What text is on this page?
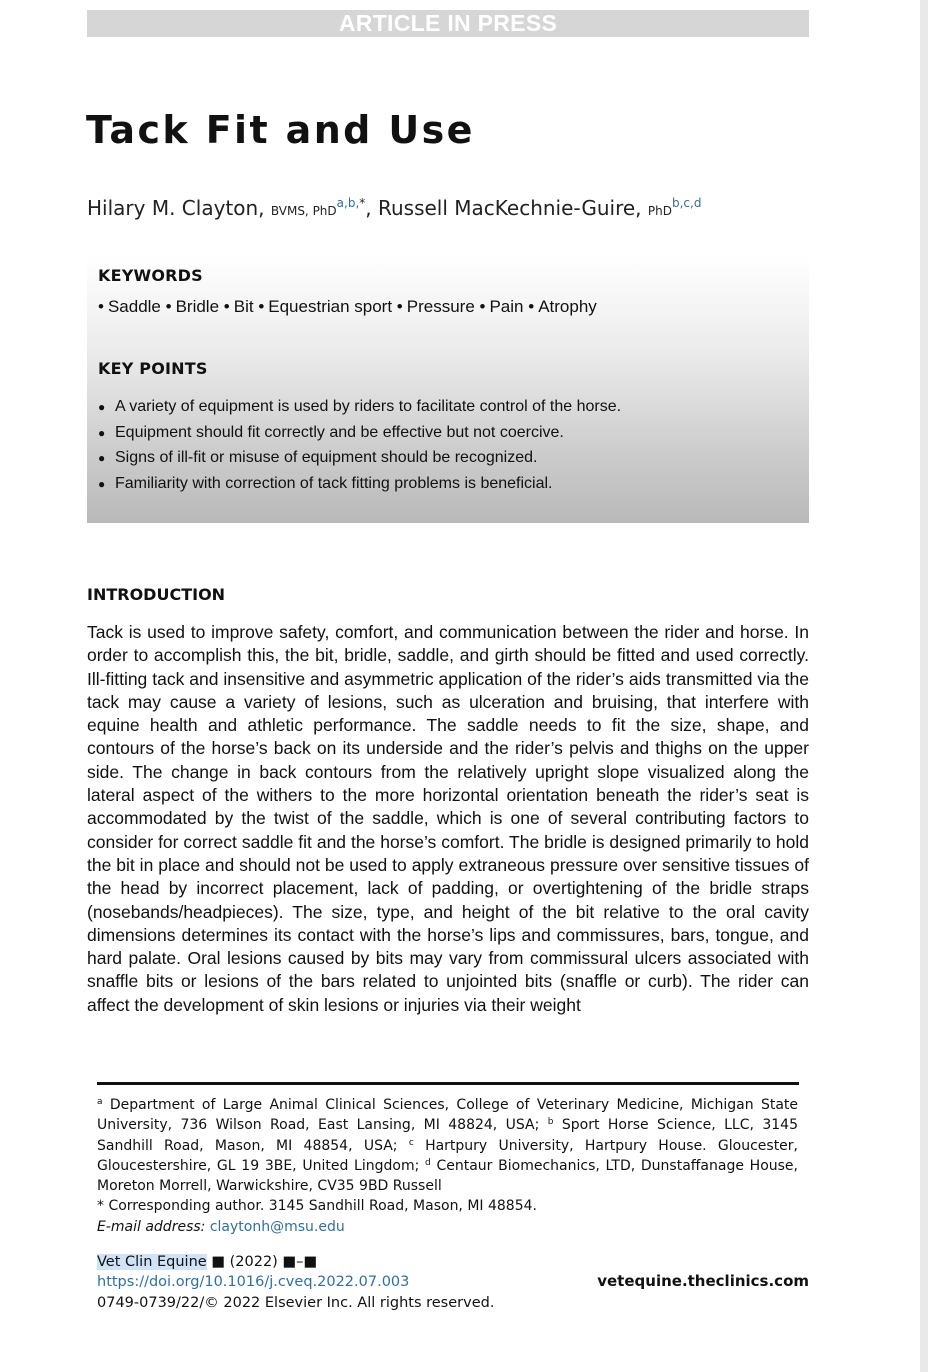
ARTICLE IN PRESS
Tack Fit and Use
Hilary M. Clayton, BVMS, PhD$^{a,b,*}$, Russell MacKechnie-Guire, PhD$^{b,c,d}$
KEYWORDS
• Saddle • Bridle • Bit • Equestrian sport • Pressure • Pain • Atrophy
KEY POINTS
● A variety of equipment is used by riders to facilitate control of the horse.
● Equipment should fit correctly and be effective but not coercive.
● Signs of ill-fit or misuse of equipment should be recognized.
● Familiarity with correction of tack fitting problems is beneficial.
INTRODUCTION

Tack is used to improve safety, comfort, and communication between the rider and horse. In order to accomplish this, the bit, bridle, saddle, and girth should be fitted and used correctly. Ill-fitting tack and insensitive and asymmetric application of the rider’s aids transmitted via the tack may cause a variety of lesions, such as ulceration and bruising, that interfere with equine health and athletic performance. The saddle needs to fit the size, shape, and contours of the horse’s back on its underside and the rider’s pelvis and thighs on the upper side. The change in back contours from the relatively upright slope visualized along the lateral aspect of the withers to the more horizontal orientation beneath the rider’s seat is accommodated by the twist of the saddle, which is one of several contributing factors to consider for correct saddle fit and the horse’s comfort. The bridle is designed primarily to hold the bit in place and should not be used to apply extraneous pressure over sensitive tissues of the head by incorrect placement, lack of padding, or overtightening of the bridle straps (nosebands/headpieces). The size, type, and height of the bit relative to the oral cavity dimensions determines its contact with the horse’s lips and commissures, bars, tongue, and hard palate. Oral lesions caused by bits may vary from commissural ulcers associated with snaffle bits or lesions of the bars related to unjointed bits (snaffle or curb). The rider can affect the development of skin lesions or injuries via their weight

$^a$ Department of Large Animal Clinical Sciences, College of Veterinary Medicine, Michigan State University, 736 Wilson Road, East Lansing, MI 48824, USA; $^b$ Sport Horse Science, LLC, 3145 Sandhill Road, Mason, MI 48854, USA; $^c$ Hartpury University, Hartpury House. Gloucester, Gloucestershire, GL 19 3BE, United Lingdom; $^d$ Centaur Biomechanics, LTD, Dunstaffanage House, Moreton Morrell, Warwickshire, CV35 9BD Russell
* Corresponding author. 3145 Sandhill Road, Mason, MI 48854.
E-mail address: claytonh@msu.edu

Vet Clin Equine ■ (2022) ■–■
https://doi.org/10.1016/j.cveq.2022.07.003
0749-0739/22/© 2022 Elsevier Inc. All rights reserved.
vetequine.theclinics.com
